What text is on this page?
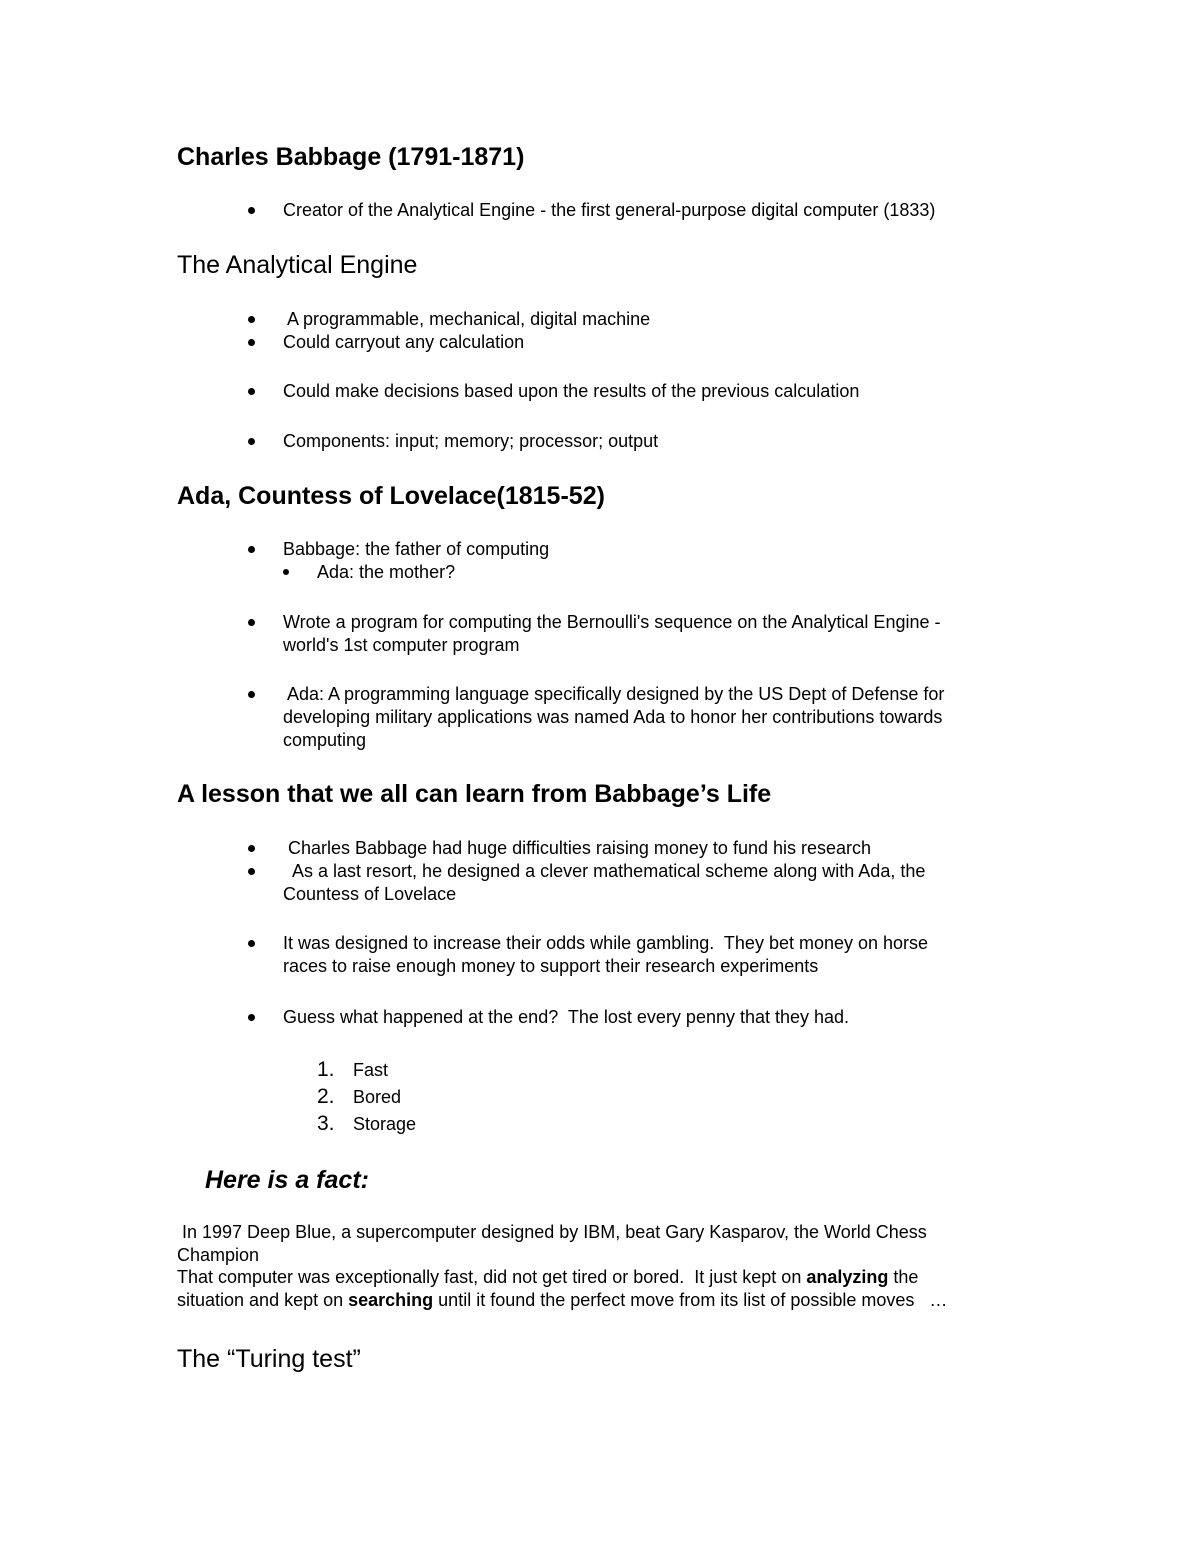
Charles Babbage (1791-1871)
Creator of the Analytical Engine - the first general-purpose digital computer (1833)
The Analytical Engine
A programmable, mechanical, digital machine
Could carryout any calculation
Could make decisions based upon the results of the previous calculation
Components: input; memory; processor; output
Ada, Countess of Lovelace(1815-52)
Babbage: the father of computing
Ada: the mother?
Wrote a program for computing the Bernoulli's sequence on the Analytical Engine -
world's 1st computer program
Ada: A programming language specifically designed by the US Dept of Defense for
developing military applications was named Ada to honor her contributions towards
computing
A lesson that we all can learn from Babbage’s Life
Charles Babbage had huge difficulties raising money to fund his research
As a last resort, he designed a clever mathematical scheme along with Ada, the
Countess of Lovelace
It was designed to increase their odds while gambling.  They bet money on horse
races to raise enough money to support their research experiments
Guess what happened at the end?  The lost every penny that they had.
1. Fast
2. Bored
3. Storage
Here is a fact:
In 1997 Deep Blue, a supercomputer designed by IBM, beat Gary Kasparov, the World Chess
Champion
That computer was exceptionally fast, did not get tired or bored.  It just kept on analyzing the
situation and kept on searching until it found the perfect move from its list of possible moves   …
The “Turing test”
